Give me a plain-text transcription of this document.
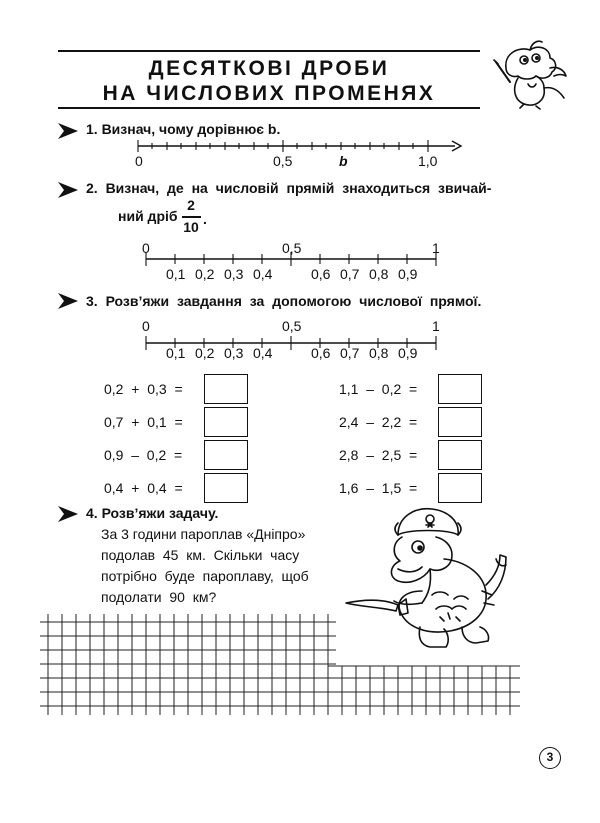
ДЕСЯТКОВІ ДРОБИ
НА ЧИСЛОВИХ ПРОМЕНЯХ
1. Визнач, чому дорівнює b.
0	0,5	b	1,0
2. Визнач, де на числовій прямій знаходиться звичай-
ний дріб
2
10 .
0	0,5	1
0,1 0,2 0,3 0,4	0,6 0,7 0,8 0,9
3. Розв’яжи завдання за допомогою числової прямої.
0	0,5	1
0,1 0,2 0,3 0,4	0,6 0,7 0,8 0,9
0,2  +  0,3  =
0,7  +  0,1  =
0,9  –  0,2  =
0,4  +  0,4  =
1,1  –  0,2  =
2,4  –  2,2  =
2,8  –  2,5  =
1,6  –  1,5  =
4. Розв’яжи задачу.
За 3 години пароплав «Дніпро»
подолав  45  км.  Скільки  часу
потрібно  буде  пароплаву,  щоб
подолати  90  км?
3
